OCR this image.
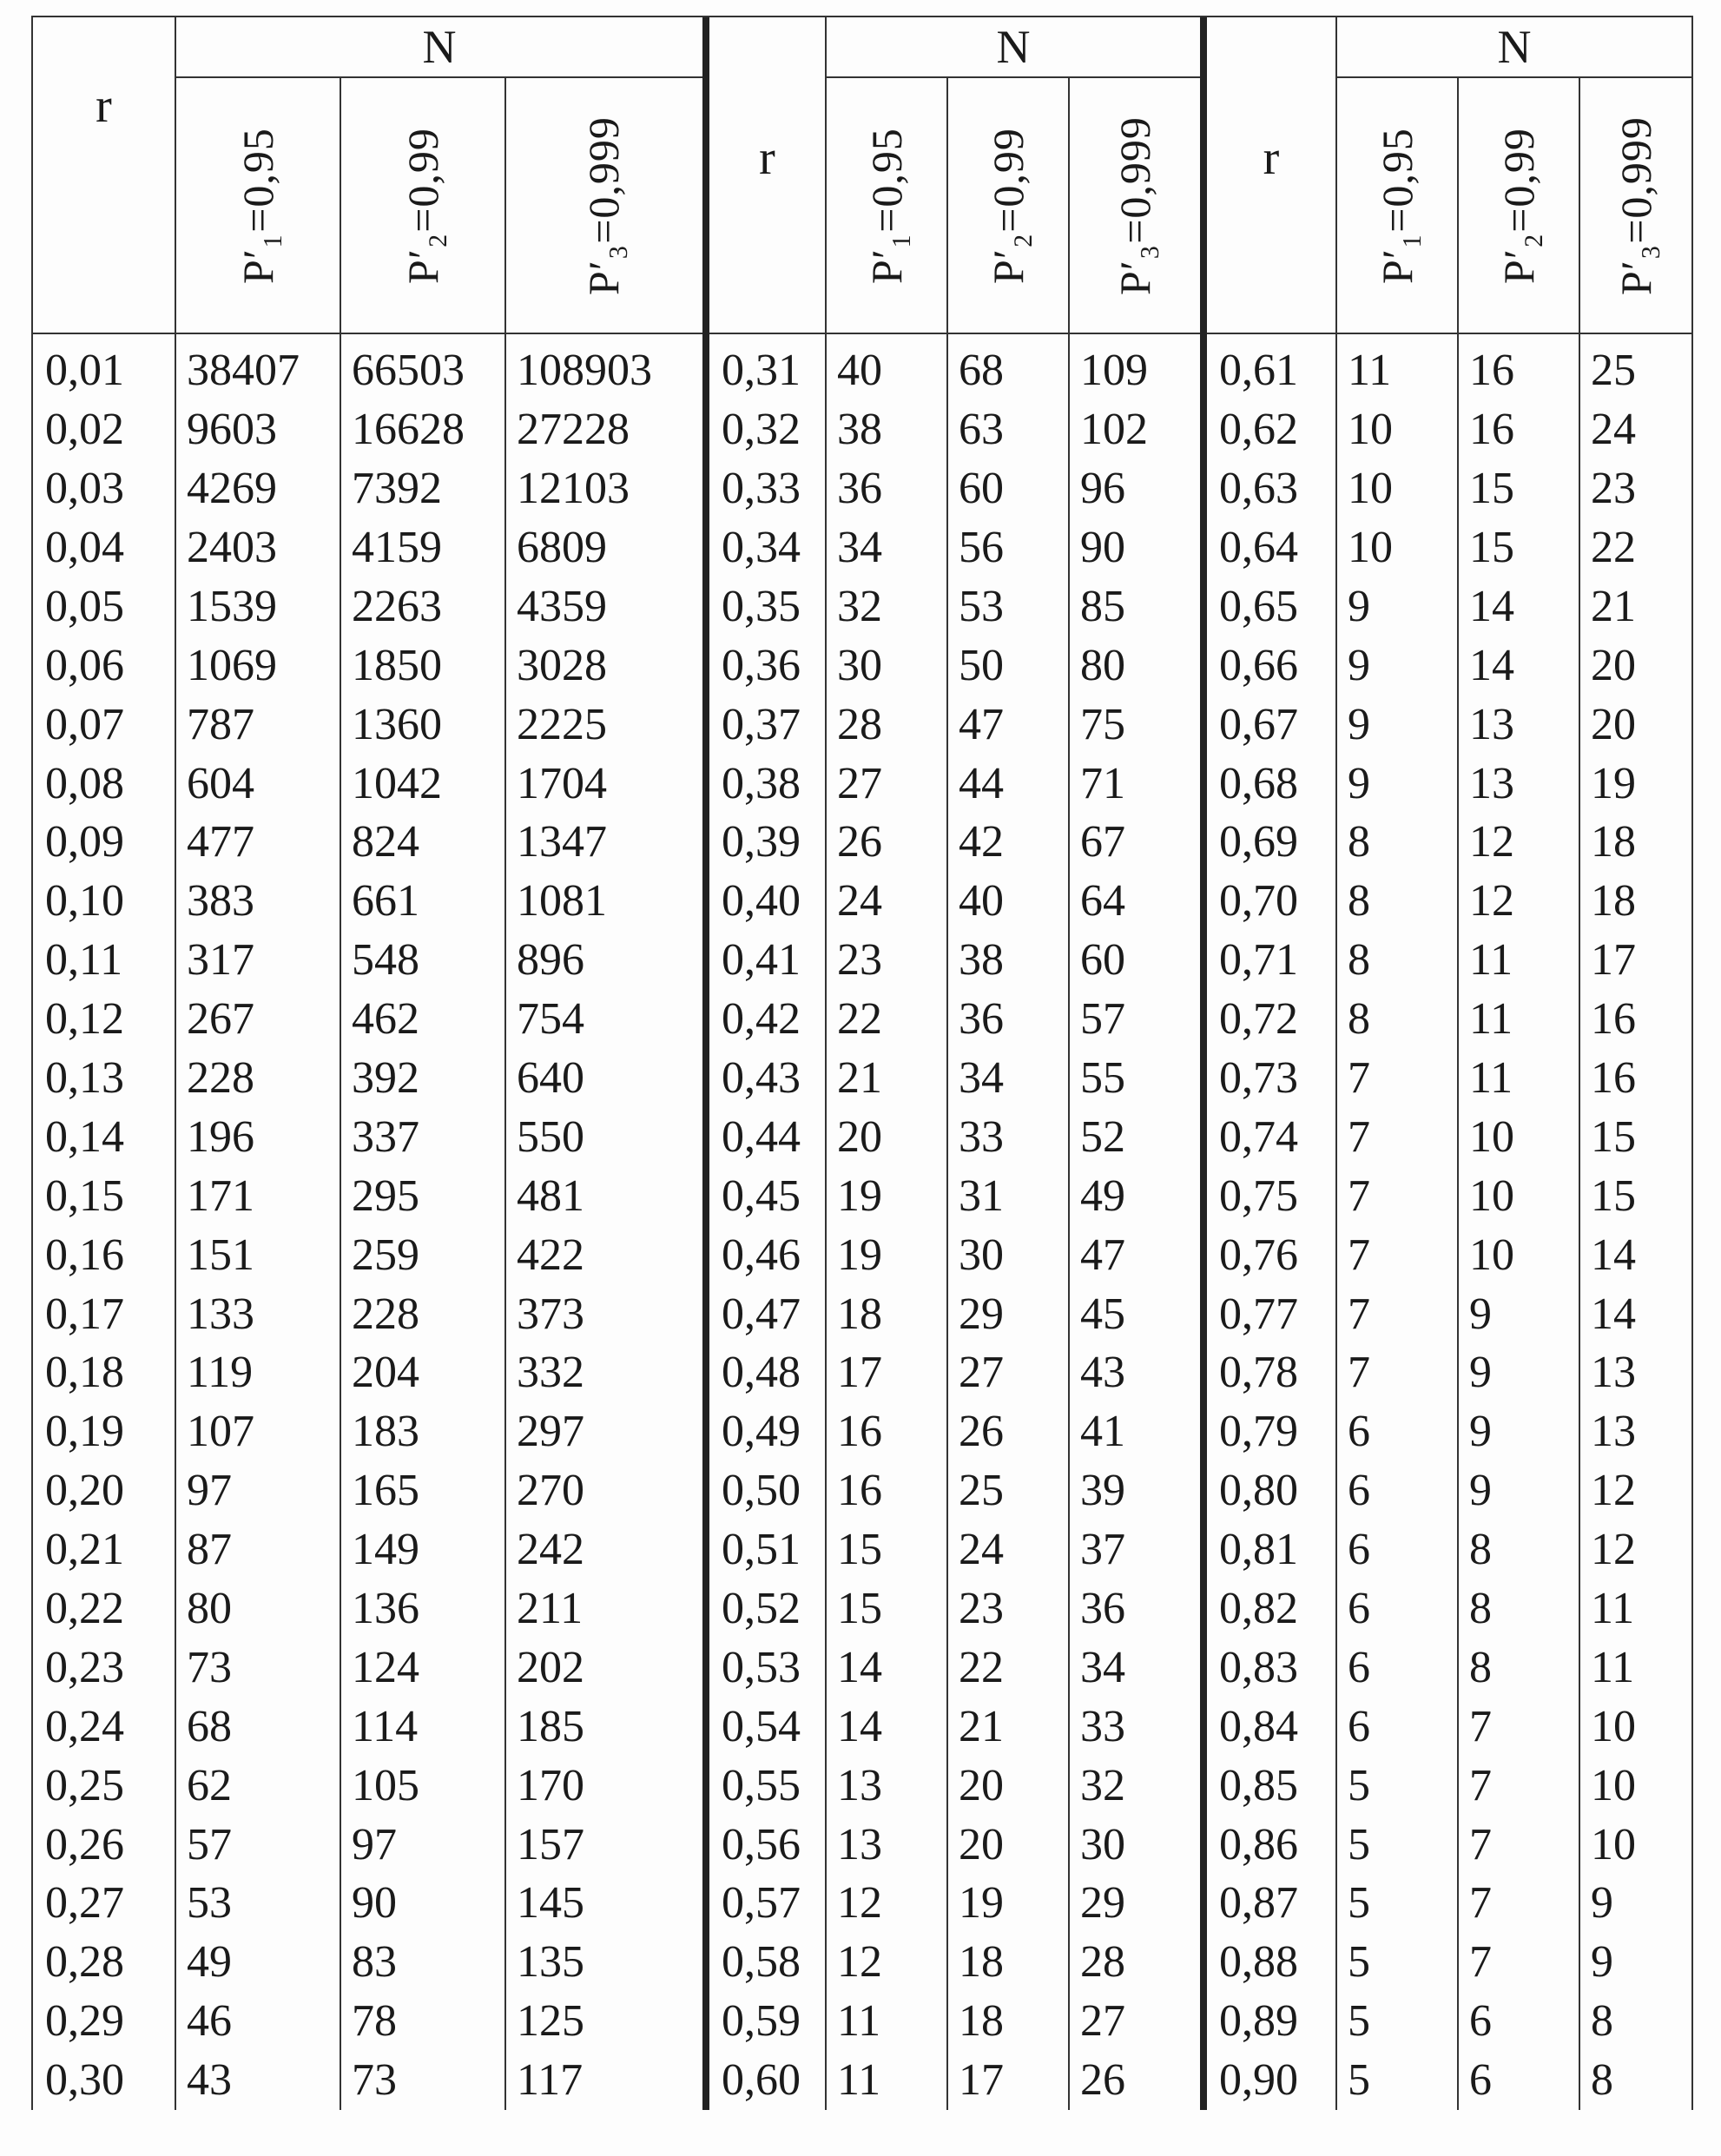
r
N
P′₁=0,95	P′₂=0,99	P′₃=0,999
0,01
0,02
0,03
0,04
0,05
0,06
0,07
0,08
0,09
0,10
0,11
0,12
0,13
0,14
0,15
0,16
0,17
0,18
0,19
0,20
0,21
0,22
0,23
0,24
0,25
0,26
0,27
0,28
0,29
0,30
38407
9603
4269
2403
1539
1069
787
604
477
383
317
267
228
196
171
151
133
119
107
97
87
80
73
68
62
57
53
49
46
43
66503
16628
7392
4159
2263
1850
1360
1042
824
661
548
462
392
337
295
259
228
204
183
165
149
136
124
114
105
97
90
83
78
73
108903
27228
12103
6809
4359
3028
2225
1704
1347
1081
896
754
640
550
481
422
373
332
297
270
242
211
202
185
170
157
145
135
125
117
r
N
P′₁=0,95 P′₂=0,99 P′₃=0,999
0,31
0,32
0,33
0,34
0,35
0,36
0,37
0,38
0,39
0,40
0,41
0,42
0,43
0,44
0,45
0,46
0,47
0,48
0,49
0,50
0,51
0,52
0,53
0,54
0,55
0,56
0,57
0,58
0,59
0,60
40
38
36
34
32
30
28
27
26
24
23
22
21
20
19
19
18
17
16
16
15
15
14
14
13
13
12
12
11
11
68
63
60
56
53
50
47
44
42
40
38
36
34
33
31
30
29
27
26
25
24
23
22
21
20
20
19
18
18
17
109
102
96
90
85
80
75
71
67
64
60
57
55
52
49
47
45
43
41
39
37
36
34
33
32
30
29
28
27
26
r
N
P′₁=0,95 P′₂=0,99 P′₃=0,999
0,61
0,62
0,63
0,64
0,65
0,66
0,67
0,68
0,69
0,70
0,71
0,72
0,73
0,74
0,75
0,76
0,77
0,78
0,79
0,80
0,81
0,82
0,83
0,84
0,85
0,86
0,87
0,88
0,89
0,90
11
10
10
10
9
9
9
9
8
8
8
8
7
7
7
7
7
7
6
6
6
6
6
6
5
5
5
5
5
5
16
16
15
15
14
14
13
13
12
12
11
11
11
10
10
10
9
9
9
9
8
8
8
7
7
7
7
7
6
6
25
24
23
22
21
20
20
19
18
18
17
16
16
15
15
14
14
13
13
12
12
11
11
10
10
10
9
9
8
8
